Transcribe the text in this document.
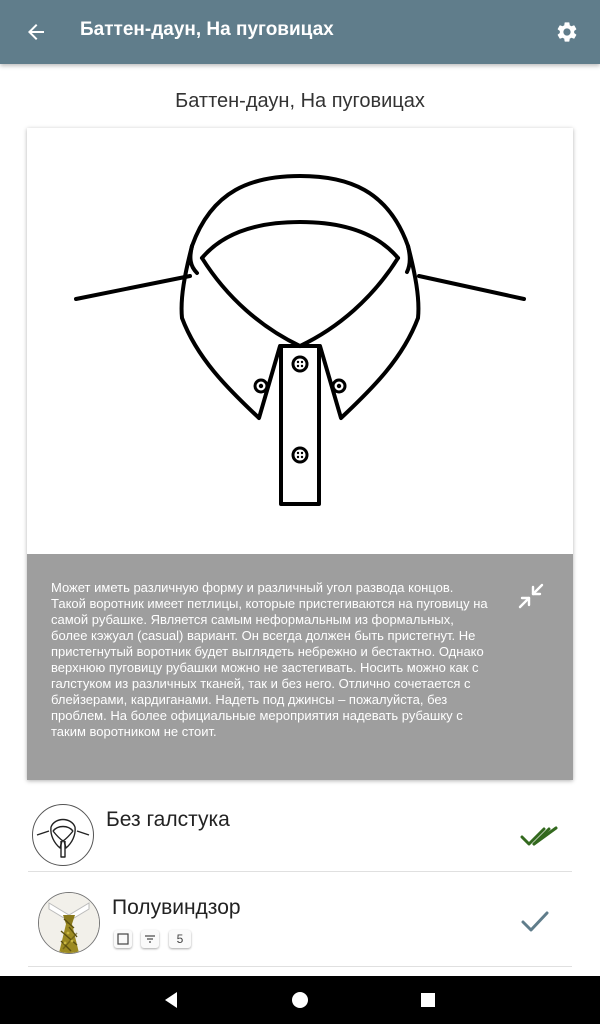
Баттен-даун, На пуговицах
Баттен-даун, На пуговицах
Может иметь различную форму и различный угол развода концов. Такой воротник имеет петлицы, которые пристегиваются на пуговицу на самой рубашке. Является самым неформальным из формальных, более кэжуал (casual) вариант. Он всегда должен быть пристегнут. Не пристегнутый воротник будет выглядеть небрежно и бестактно. Однако верхнюю пуговицу рубашки можно не застегивать. Носить можно как с галстуком из различных тканей, так и без него. Отлично сочетается с блейзерами, кардиганами. Надеть под джинсы – пожалуйста, без проблем. На более официальные мероприятия надевать рубашку с таким воротником не стоит.
Без галстука
Полувиндзор
5
